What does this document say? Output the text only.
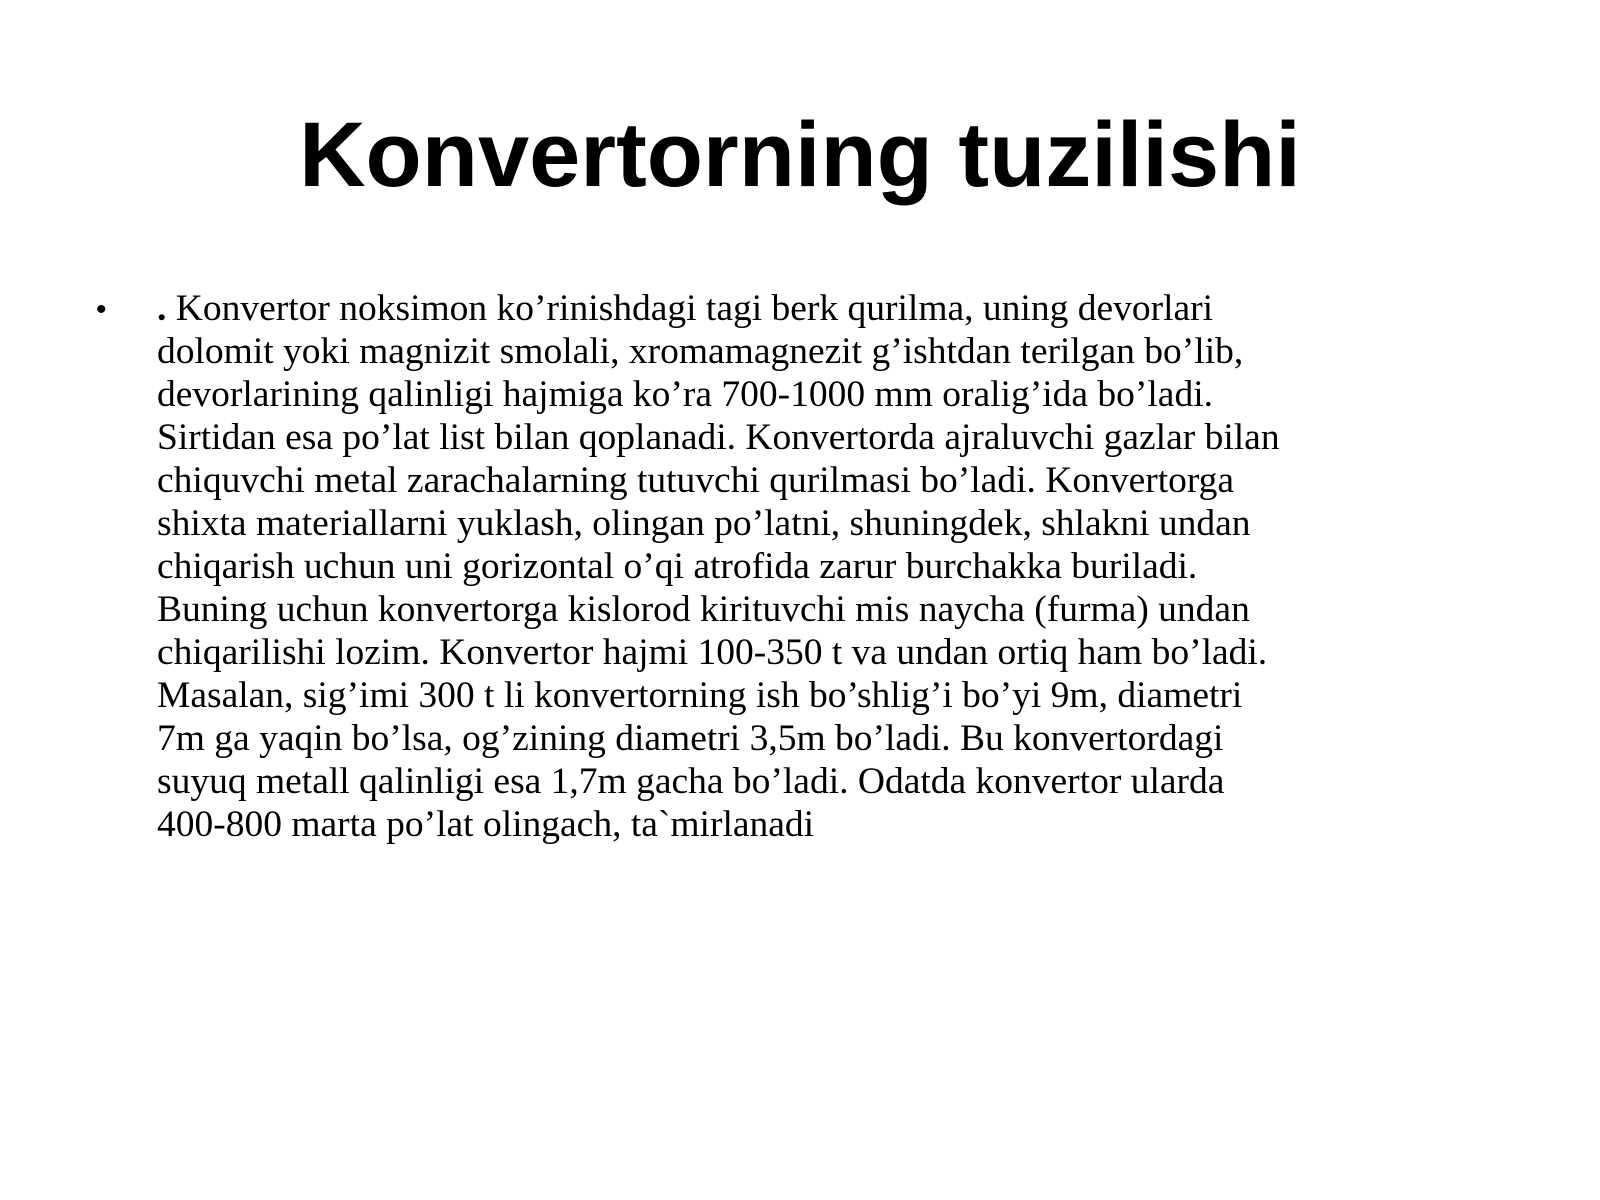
Konvertorning tuzilishi
• . Konvertor noksimon ko’rinishdagi tagi berk qurilma, uning devorlari
dolomit yoki magnizit smolali, xromamagnezit g’ishtdan terilgan bo’lib,
devorlarining qalinligi hajmiga ko’ra 700-1000 mm oralig’ida bo’ladi.
Sirtidan esa po’lat list bilan qoplanadi. Konvertorda ajraluvchi gazlar bilan
chiquvchi metal zarachalarning tutuvchi qurilmasi bo’ladi. Konvertorga
shixta materiallarni yuklash, olingan po’latni, shuningdek, shlakni undan
chiqarish uchun uni gorizontal o’qi atrofida zarur burchakka buriladi.
Buning uchun konvertorga kislorod kirituvchi mis naycha (furma) undan
chiqarilishi lozim. Konvertor hajmi 100-350 t va undan ortiq ham bo’ladi.
Masalan, sig’imi 300 t li konvertorning ish bo’shlig’i bo’yi 9m, diametri
7m ga yaqin bo’lsa, og’zining diametri 3,5m bo’ladi. Bu konvertordagi
suyuq metall qalinligi esa 1,7m gacha bo’ladi. Odatda konvertor ularda
400-800 marta po’lat olingach, ta`mirlanadi
